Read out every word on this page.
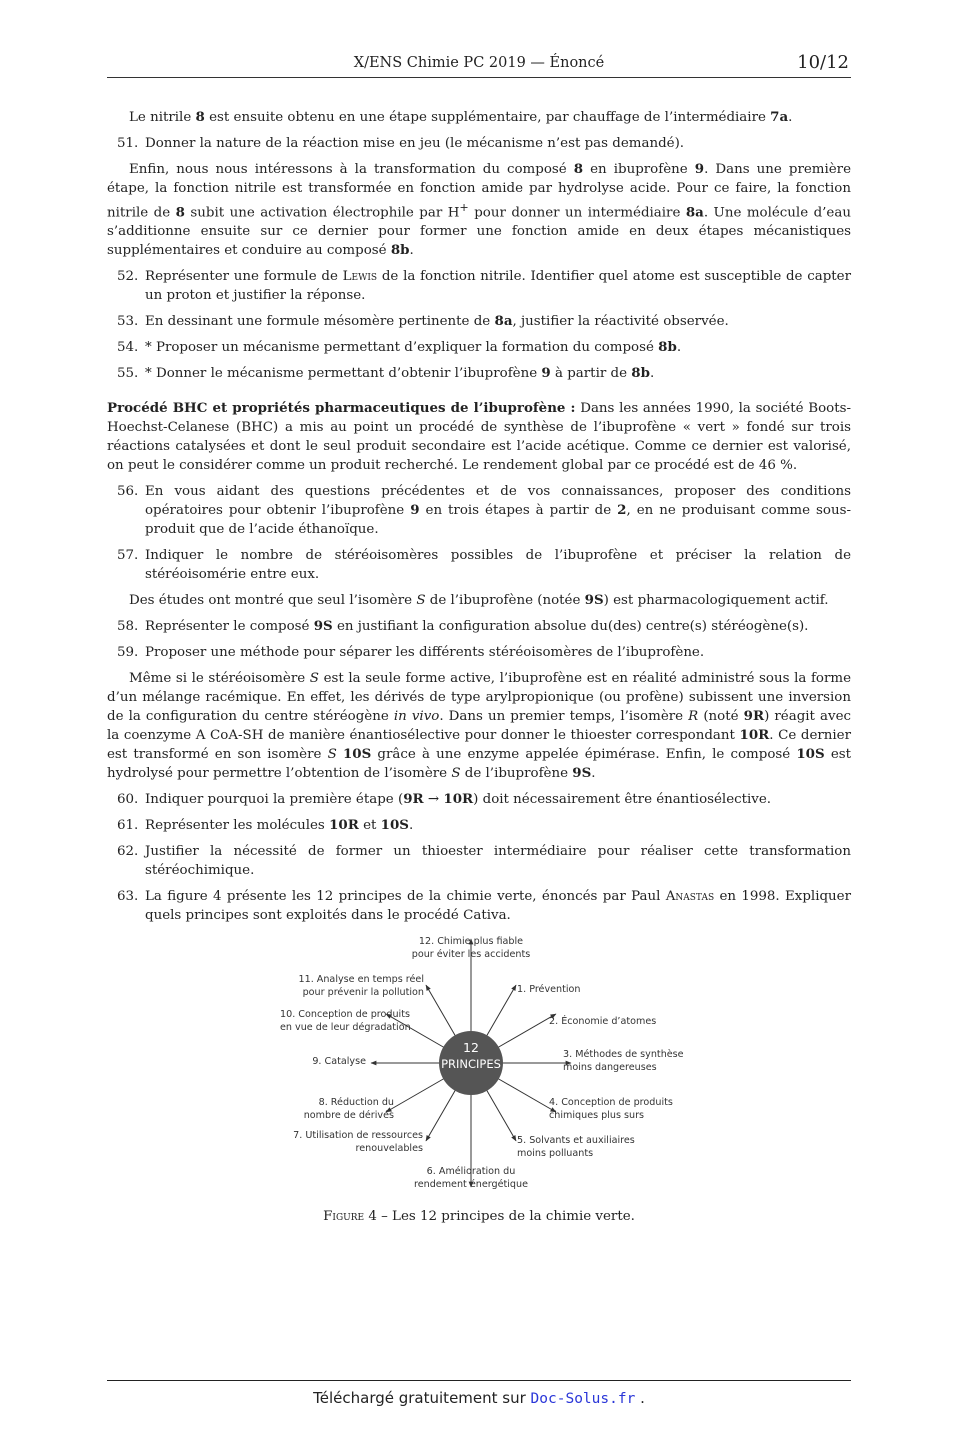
X/ENS Chimie PC 2019 — Énoncé	10/12

Le nitrile 8 est ensuite obtenu en une étape supplémentaire, par chauffage de l’intermédiaire 7a.

51. Donner la nature de la réaction mise en jeu (le mécanisme n’est pas demandé).

Enfin, nous nous intéressons à la transformation du composé 8 en ibuprofène 9. Dans une première étape, la fonction nitrile est transformée en fonction amide par hydrolyse acide. Pour ce faire, la fonction nitrile de 8 subit une activation électrophile par H+ pour donner un intermédiaire 8a. Une molécule d’eau s’additionne ensuite sur ce dernier pour former une fonction amide en deux étapes mécanistiques supplémentaires et conduire au composé 8b.

52. Représenter une formule de Lewis de la fonction nitrile. Identifier quel atome est susceptible de capter un proton et justifier la réponse.
53. En dessinant une formule mésomère pertinente de 8a, justifier la réactivité observée.
54. * Proposer un mécanisme permettant d’expliquer la formation du composé 8b.
55. * Donner le mécanisme permettant d’obtenir l’ibuprofène 9 à partir de 8b.

Procédé BHC et propriétés pharmaceutiques de l’ibuprofène : Dans les années 1990, la société Boots-Hoechst-Celanese (BHC) a mis au point un procédé de synthèse de l’ibuprofène « vert » fondé sur trois réactions catalysées et dont le seul produit secondaire est l’acide acétique. Comme ce dernier est valorisé, on peut le considérer comme un produit recherché. Le rendement global par ce procédé est de 46 %.

56. En vous aidant des questions précédentes et de vos connaissances, proposer des conditions opératoires pour obtenir l’ibuprofène 9 en trois étapes à partir de 2, en ne produisant comme sous-produit que de l’acide éthanoïque.
57. Indiquer le nombre de stéréoisomères possibles de l’ibuprofène et préciser la relation de stéréoisomérie entre eux.

Des études ont montré que seul l’isomère S de l’ibuprofène (notée 9S) est pharmacologiquement actif.

58. Représenter le composé 9S en justifiant la configuration absolue du(des) centre(s) stéréogène(s).
59. Proposer une méthode pour séparer les différents stéréoisomères de l’ibuprofène.

Même si le stéréoisomère S est la seule forme active, l’ibuprofène est en réalité administré sous la forme d’un mélange racémique. En effet, les dérivés de type arylpropionique (ou profène) subissent une inversion de la configuration du centre stéréogène in vivo. Dans un premier temps, l’isomère R (noté 9R) réagit avec la coenzyme A CoA-SH de manière énantiosélective pour donner le thioester correspondant 10R. Ce dernier est transformé en son isomère S 10S grâce à une enzyme appelée épimérase. Enfin, le composé 10S est hydrolysé pour permettre l’obtention de l’isomère S de l’ibuprofène 9S.

60. Indiquer pourquoi la première étape (9R → 10R) doit nécessairement être énantiosélective.
61. Représenter les molécules 10R et 10S.
62. Justifier la nécessité de former un thioester intermédiaire pour réaliser cette transformation stéréochimique.
63. La figure 4 présente les 12 principes de la chimie verte, énoncés par Paul Anastas en 1998. Expliquer quels principes sont exploités dans le procédé Cativa.
12
PRINCIPES
12. Chimie plus fiable
pour éviter les accidents
1. Prévention
2. Économie d’atomes
3. Méthodes de synthèse
moins dangereuses
4. Conception de produits
chimiques plus surs
5. Solvants et auxiliaires
moins polluants
6. Amélioration du
rendement énergétique
7. Utilisation de ressources
renouvelables
8. Réduction du
nombre de dérivés
9. Catalyse
10. Conception de produits
en vue de leur dégradation
11. Analyse en temps réel
pour prévenir la pollution
Figure 4 – Les 12 principes de la chimie verte.
Téléchargé gratuitement sur Doc-Solus.fr .
